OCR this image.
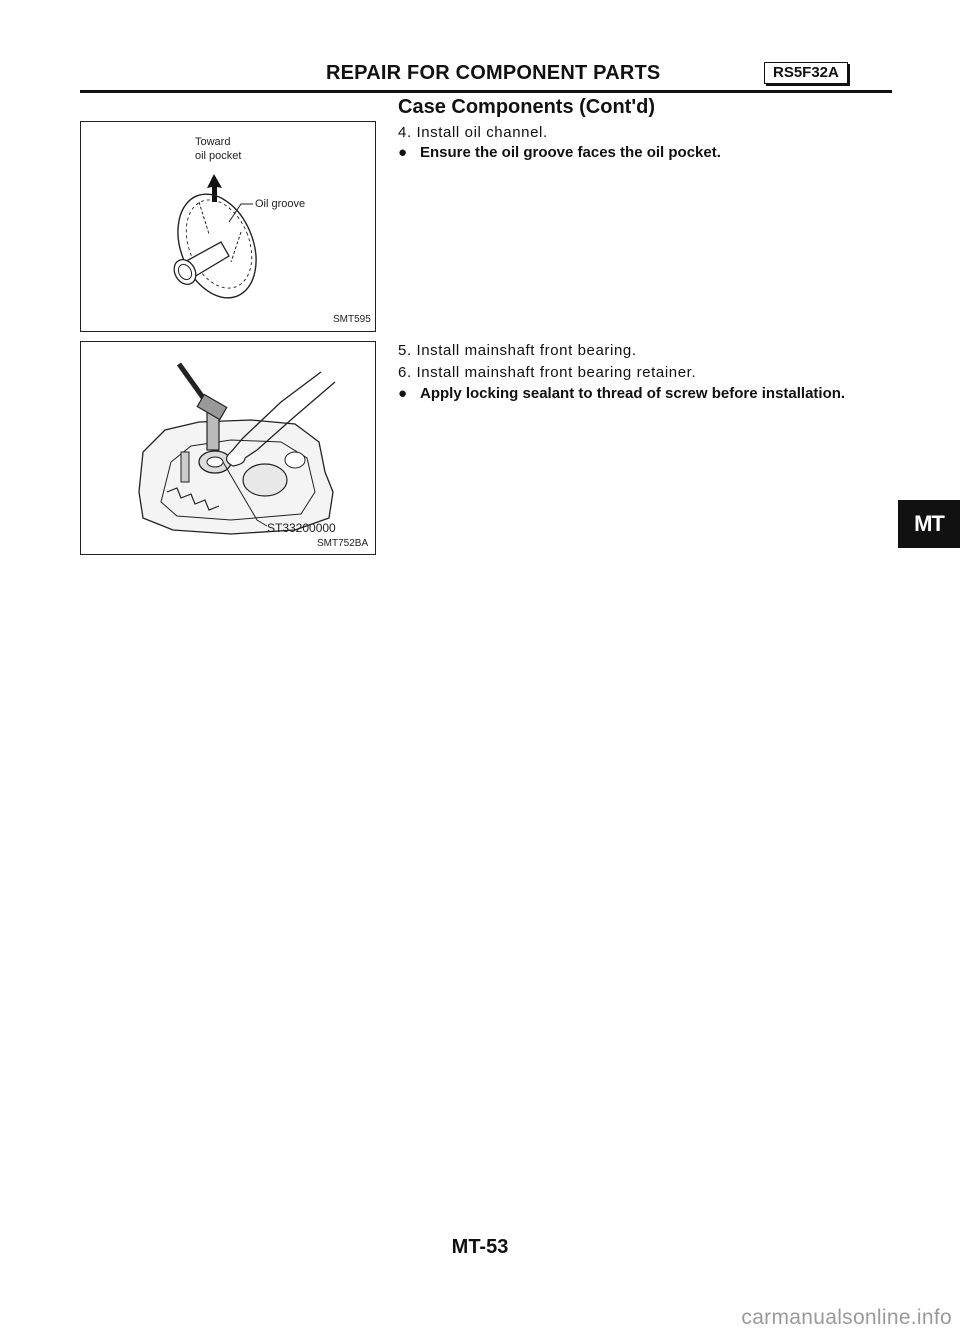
REPAIR FOR COMPONENT PARTS	RS5F32A
Case Components (Cont'd)
Toward
oil pocket
Oil groove
SMT595
ST33200000
SMT752BA
4. Install oil channel.
● Ensure the oil groove faces the oil pocket.
5. Install mainshaft front bearing.
6. Install mainshaft front bearing retainer.
● Apply locking sealant to thread of screw before installation.
MT
MT-53
carmanualsonline.info
